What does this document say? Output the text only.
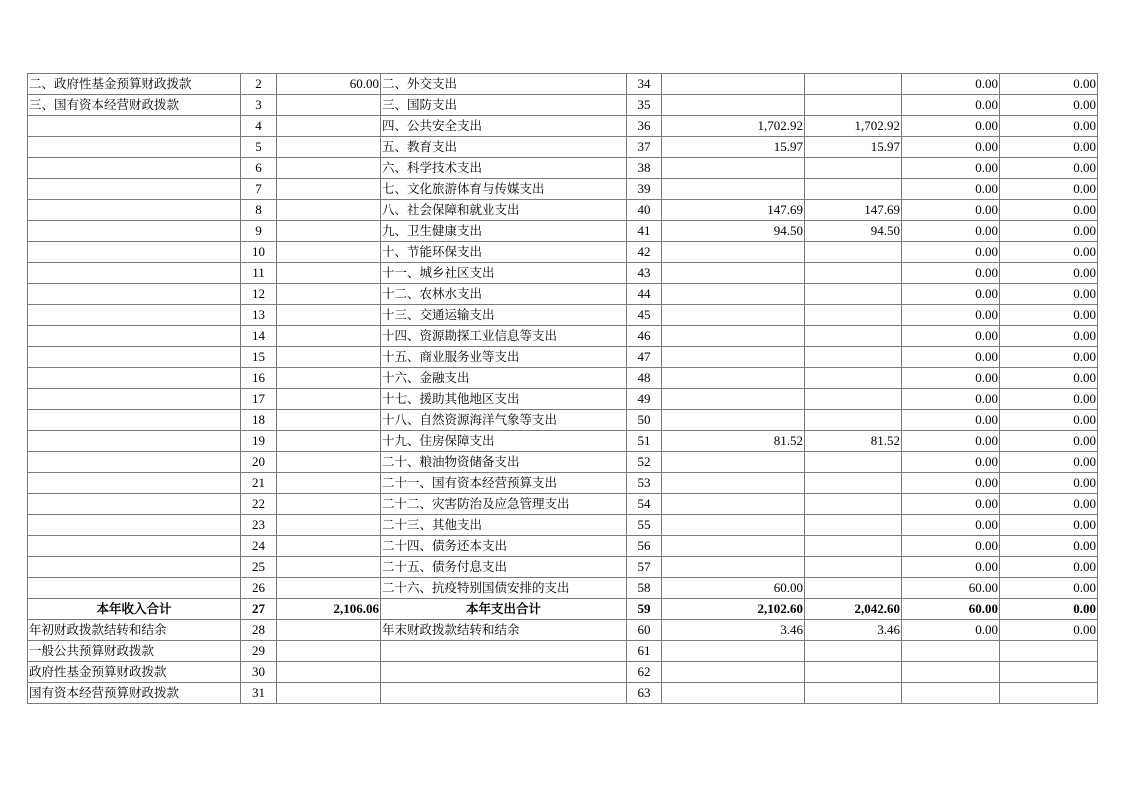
二、政府性基金预算财政拨款	2	60.00	二、外交支出	34			0.00	0.00
三、国有资本经营财政拨款	3		三、国防支出	35			0.00	0.00
	4		四、公共安全支出	36	1,702.92	1,702.92	0.00	0.00
	5		五、教育支出	37	15.97	15.97	0.00	0.00
	6		六、科学技术支出	38			0.00	0.00
	7		七、文化旅游体育与传媒支出	39			0.00	0.00
	8		八、社会保障和就业支出	40	147.69	147.69	0.00	0.00
	9		九、卫生健康支出	41	94.50	94.50	0.00	0.00
	10		十、节能环保支出	42			0.00	0.00
	11		十一、城乡社区支出	43			0.00	0.00
	12		十二、农林水支出	44			0.00	0.00
	13		十三、交通运输支出	45			0.00	0.00
	14		十四、资源勘探工业信息等支出	46			0.00	0.00
	15		十五、商业服务业等支出	47			0.00	0.00
	16		十六、金融支出	48			0.00	0.00
	17		十七、援助其他地区支出	49			0.00	0.00
	18		十八、自然资源海洋气象等支出	50			0.00	0.00
	19		十九、住房保障支出	51	81.52	81.52	0.00	0.00
	20		二十、粮油物资储备支出	52			0.00	0.00
	21		二十一、国有资本经营预算支出	53			0.00	0.00
	22		二十二、灾害防治及应急管理支出	54			0.00	0.00
	23		二十三、其他支出	55			0.00	0.00
	24		二十四、债务还本支出	56			0.00	0.00
	25		二十五、债务付息支出	57			0.00	0.00
	26		二十六、抗疫特别国债安排的支出	58	60.00		60.00	0.00
本年收入合计	27	2,106.06	本年支出合计	59	2,102.60	2,042.60	60.00	0.00
年初财政拨款结转和结余	28		年末财政拨款结转和结余	60	3.46	3.46	0.00	0.00
一般公共预算财政拨款	29			61				
政府性基金预算财政拨款	30			62				
国有资本经营预算财政拨款	31			63				
